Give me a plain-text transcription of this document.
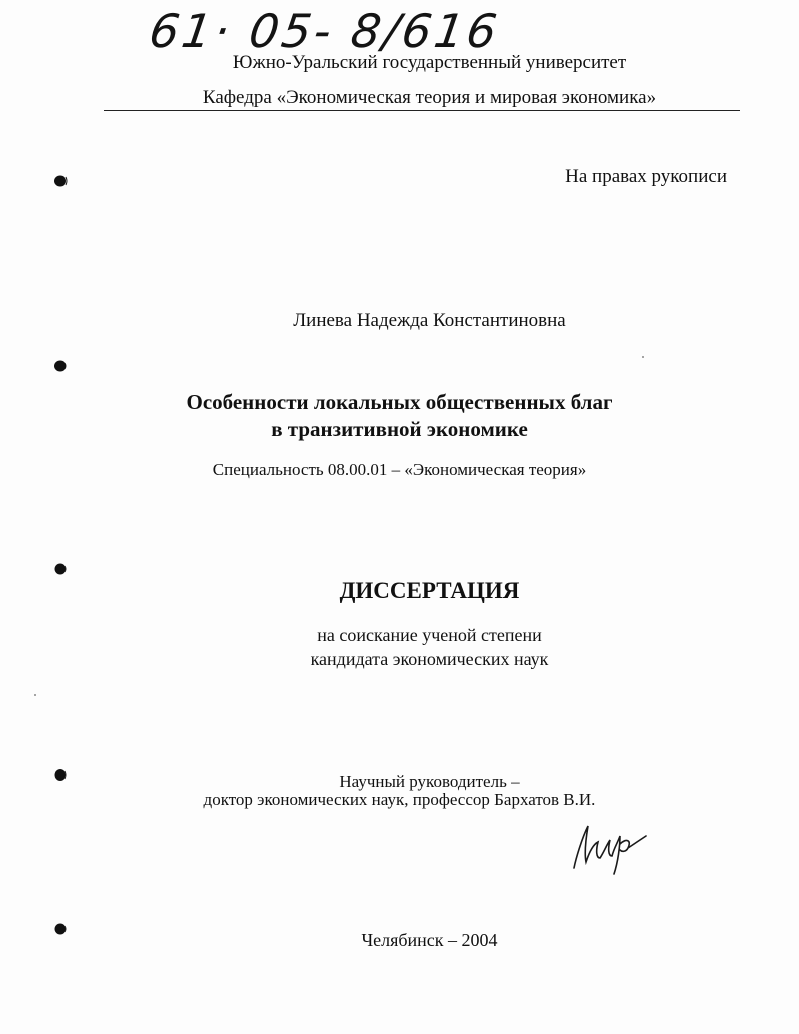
61· 05- 8/616
Южно-Уральский государственный университет
Кафедра «Экономическая теория и мировая экономика»
На правах рукописи
Линева Надежда Константиновна
Особенности локальных общественных благ
в транзитивной экономике
Специальность 08.00.01 – «Экономическая теория»
ДИССЕРТАЦИЯ
на соискание ученой степени
кандидата экономических наук
Научный руководитель –
доктор экономических наук, профессор Бархатов В.И.
Челябинск – 2004
